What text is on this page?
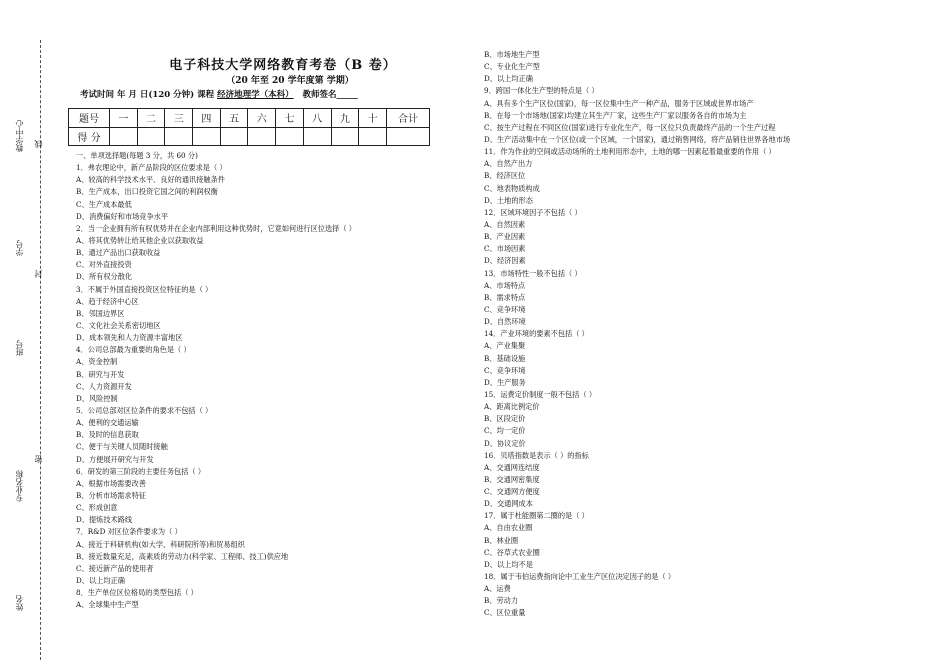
教学中心 线
学号
封
班号
专业名称
密
姓名
电子科技大学网络教育考卷（B 卷）
（20 年至 20 学年度第 学期）
考试时间 年 月 日(120 分钟) 课程 经济地理学（本科） 教师签名_____
题号	一	二	三	四	五	六	七	八	九	十	合计
得 分											
一、单项选择题(每题 3 分，共 60 分)
1．弗农理论中，新产品阶段的区位要求是（ ）
A、较高的科学技术水平、良好的通讯接触条件
B、生产成本，出口投资它国之间的利润权衡
C、生产成本最低
D、消费偏好和市场竞争水平
2．当一企业拥有所有权优势并在企业内部利用这种优势时，它竟如何进行区位选择（ ）
A、将其优势转让给其他企业以获取收益
B、通过产品出口获取收益
C、对外直接投资
D、所有权分散化
3．不属于外国直接投资区位特征的是（ ）
A、趋于经济中心区
B、邻国边界区
C、文化社会关系密切地区
D、成本领先和人力资源丰富地区
4．公司总部最为重要的角色是（ ）
A、资金控制
B、研究与开发
C、人力资源开发
D、风险控制
5．公司总部对区位条件的要求不包括（ ）
A、便利的交通运输
B、及时的信息获取
C、便于与关键人员随时接触
D、方便展开研究与开发
6．研发的第三阶段的主要任务包括（ ）
A、根据市场需要改善
B、分析市场需求特征
C、形成创意
D、提炼技术路线
7．R&D 对区位条件要求为（ ）
A、接近于科研机构(如大学、科研院所等)和贸易组织
B、接近数量充足，高素质的劳动力(科学家、工程师、技工)供应地
C、接近新产品的使用者
D、以上均正确
8．生产单位区位格局的类型包括（ ）
A、全球集中生产型
B、市场地生产型
C、专业化生产型
D、以上均正确
9．跨国一体化生产型的特点是（ ）
A、具有多个生产区位(国家)，每一区位集中生产一种产品，服务于区域或世界市场产
B、在每一个市场地(国家)均建立其生产厂家，这些生产厂家以服务各自的市场为主
C、按生产过程在不同区位(国家)进行专业化生产，每一区位只负责最终产品的一个生产过程
D、生产活动集中在一个区位(或一个区域，一个国家)，通过销售网络，将产品销往世界各地市场
11．作为作业的空间或活动场所的土地利用形态中，土地的哪一因素起着最重要的作用（ ）
A、自然产出力
B、经济区位
C、地表物质构成
D、土地的形态
12．区域环境因子不包括（ ）
A、自然因素
B、产业因素
C、市场因素
D、经济因素
13．市场特性一般不包括（ ）
A、市场特点
B、需求特点
C、竞争环境
D、自然环境
14．产业环境的要素不包括（ ）
A、产业集聚
B、基础设施
C、竞争环境
D、生产服务
15．运费定价制度一般不包括（ ）
A、距离比例定价
B、区段定价
C、均一定价
D、协议定价
16．贝塔指数是表示（ ）的指标
A、交通网连结度
B、交通网密集度
C、交通网方便度
D、交通网成本
17．属于杜能圈第二圈的是（ ）
A、自由农业圈
B、林业圈
C、谷草式农业圈
D、以上均不是
18．属于韦伯运费指向论中工业生产区位决定因子的是（ ）
A、运费
B、劳动力
C、区位重量
